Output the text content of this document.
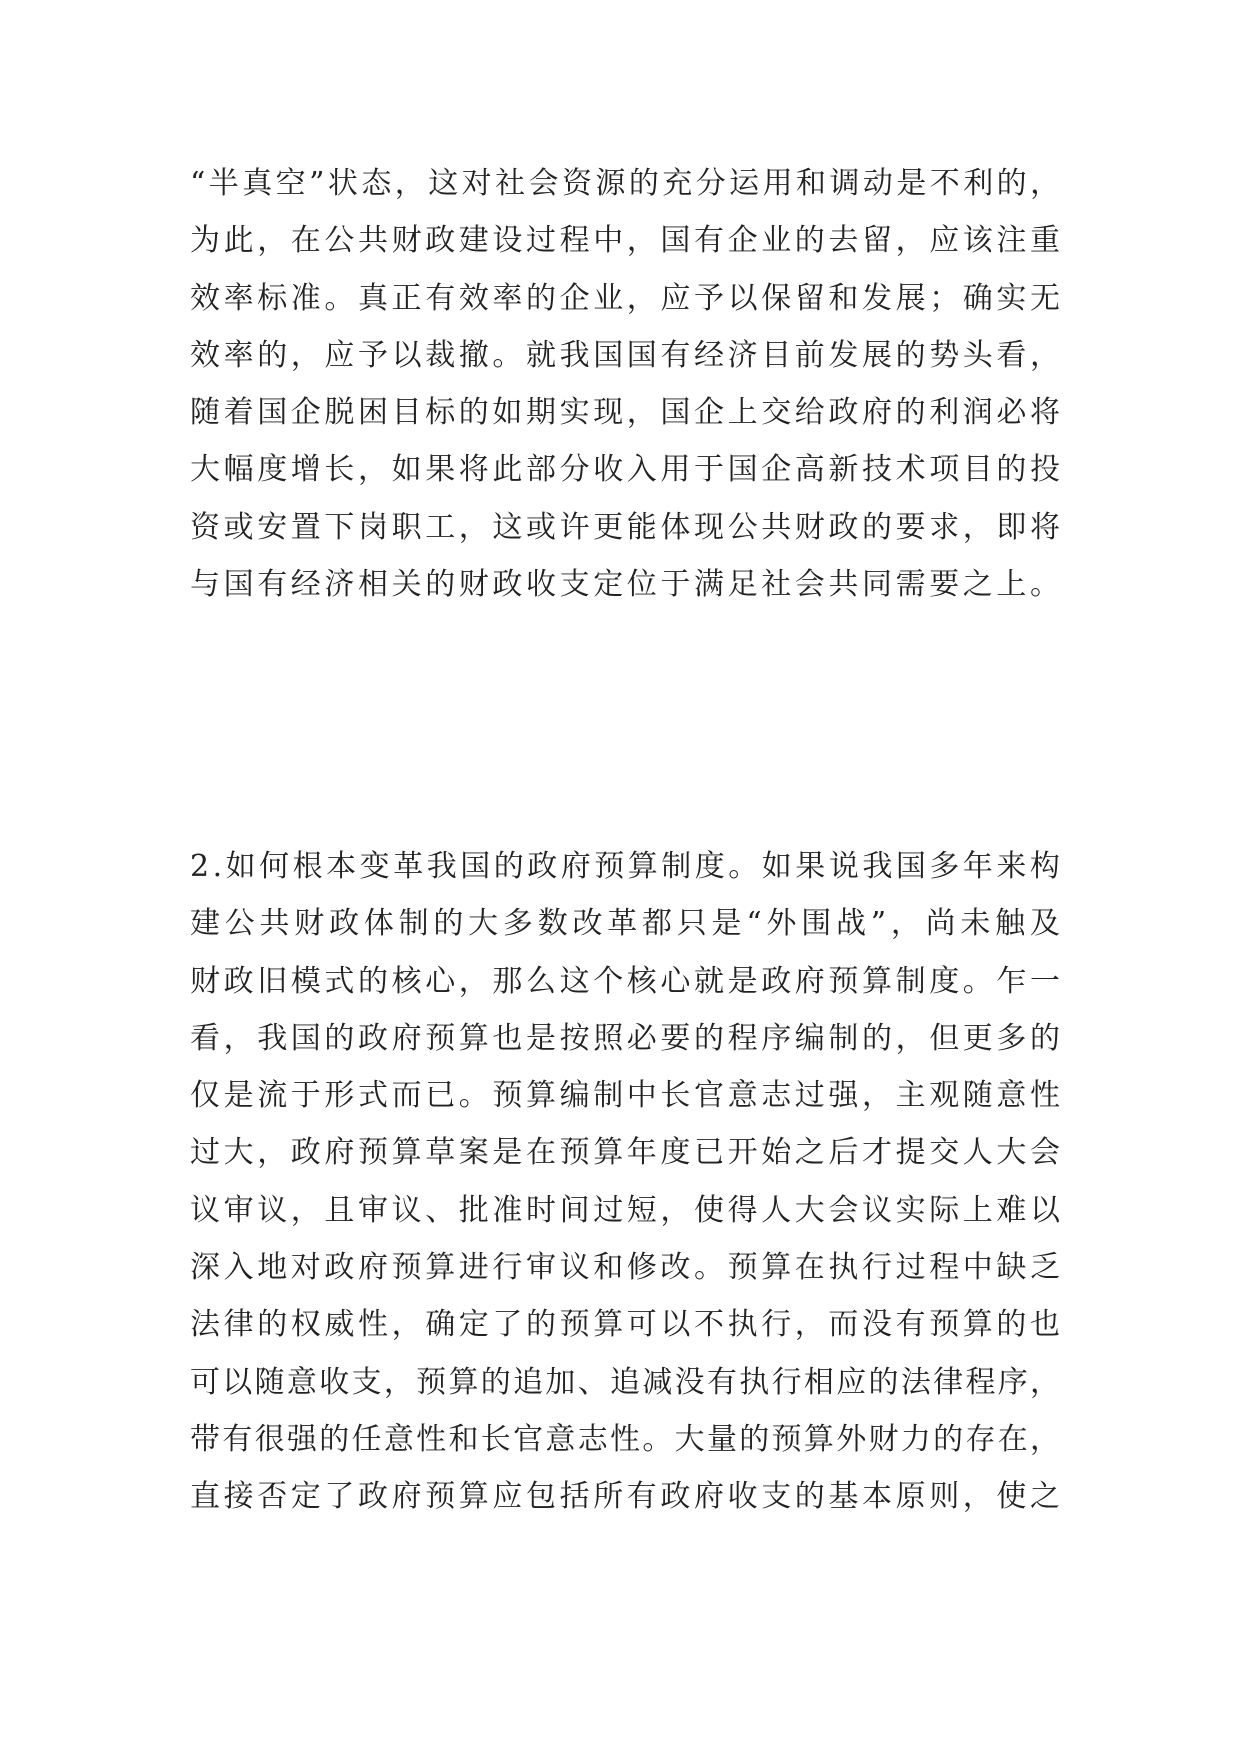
“半真空”状态，这对社会资源的充分运用和调动是不利的，
为此，在公共财政建设过程中，国有企业的去留，应该注重
效率标准。真正有效率的企业，应予以保留和发展；确实无
效率的，应予以裁撤。就我国国有经济目前发展的势头看，
随着国企脱困目标的如期实现，国企上交给政府的利润必将
大幅度增长，如果将此部分收入用于国企高新技术项目的投
资或安置下岗职工，这或许更能体现公共财政的要求，即将
与国有经济相关的财政收支定位于满足社会共同需要之上。
2.如何根本变革我国的政府预算制度。如果说我国多年来构
建公共财政体制的大多数改革都只是“外围战”，尚未触及
财政旧模式的核心，那么这个核心就是政府预算制度。乍一
看，我国的政府预算也是按照必要的程序编制的，但更多的
仅是流于形式而已。预算编制中长官意志过强，主观随意性
过大，政府预算草案是在预算年度已开始之后才提交人大会
议审议，且审议、批准时间过短，使得人大会议实际上难以
深入地对政府预算进行审议和修改。预算在执行过程中缺乏
法律的权威性，确定了的预算可以不执行，而没有预算的也
可以随意收支，预算的追加、追减没有执行相应的法律程序，
带有很强的任意性和长官意志性。大量的预算外财力的存在，
直接否定了政府预算应包括所有政府收支的基本原则，使之
